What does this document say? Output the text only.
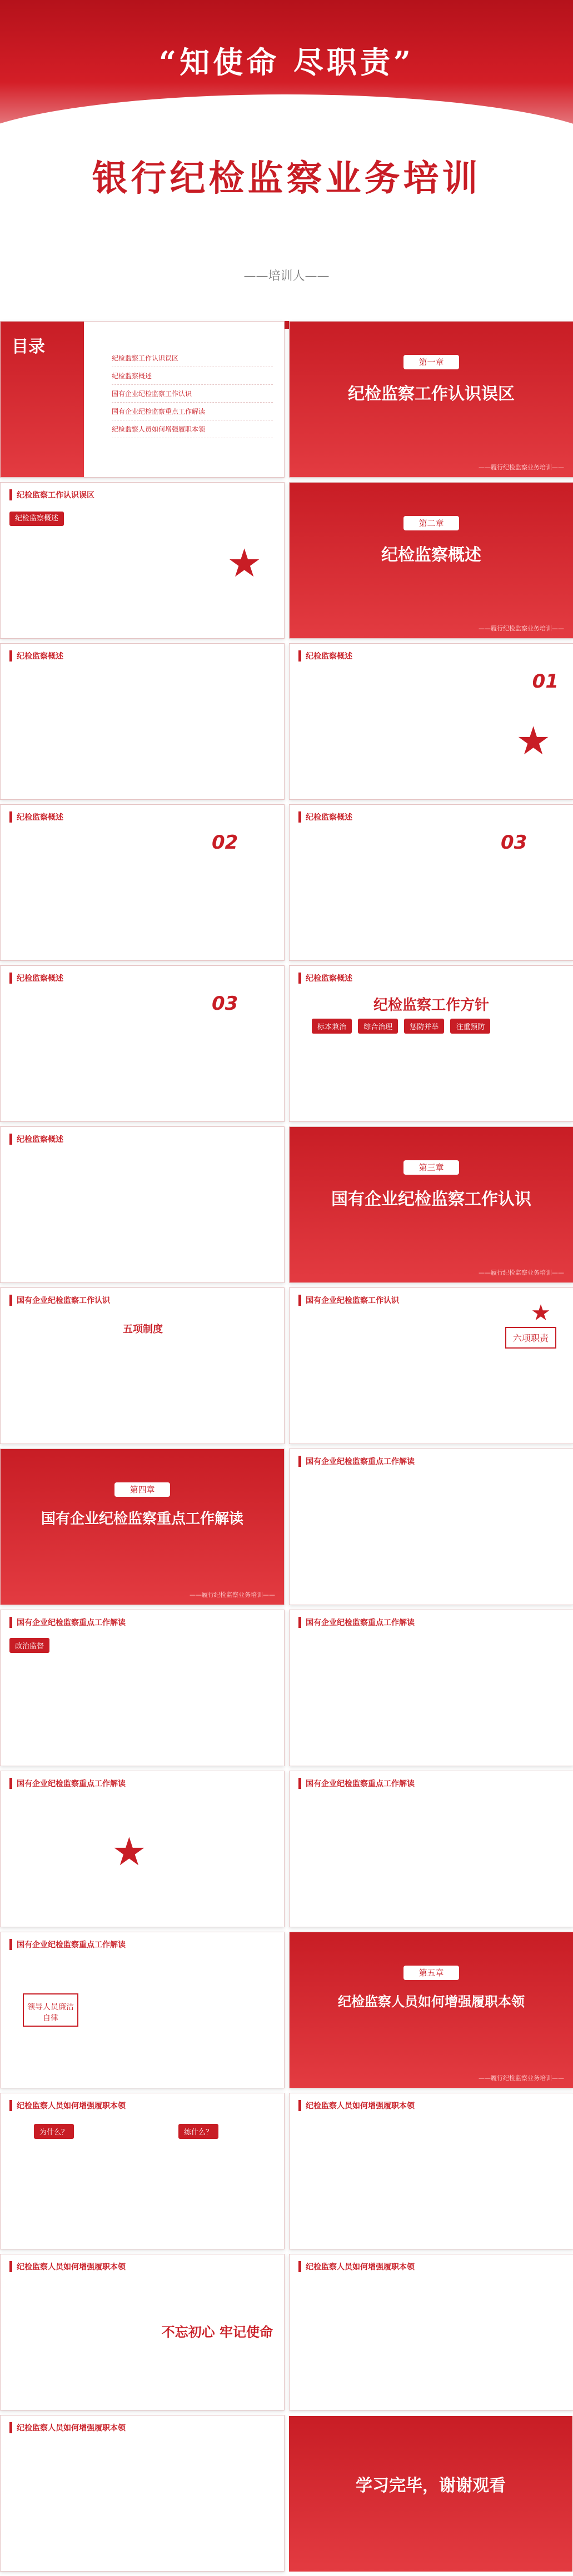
“知使命 尽职责”
银行纪检监察业务培训
——培训人——
目录
纪检监察工作认识误区
纪检监察概述
国有企业纪检监察工作认识
国有企业纪检监察重点工作解读
纪检监察人员如何增强履职本领
第一章
纪检监察工作认识误区
——履行纪检监察业务培训——
纪检监察工作认识误区
纪检监察概述
★
第二章
纪检监察概述
——履行纪检监察业务培训——
纪检监察概述	纪检监察概述
01
★
纪检监察概述
02
纪检监察概述
03
纪检监察概述
03
纪检监察概述
纪检监察工作方针
标本兼治 综合治理 惩防并举 注重预防
纪检监察概述
第三章
国有企业纪检监察工作认识
——履行纪检监察业务培训——
国有企业纪检监察工作认识
五项制度
国有企业纪检监察工作认识
六项职责
★
第四章
国有企业纪检监察重点工作解读
——履行纪检监察业务培训——
国有企业纪检监察重点工作解读
国有企业纪检监察重点工作解读
政治监督
国有企业纪检监察重点工作解读
国有企业纪检监察重点工作解读
★
国有企业纪检监察重点工作解读
国有企业纪检监察重点工作解读
领导人员廉洁自律
第五章
纪检监察人员如何增强履职本领
——履行纪检监察业务培训——
纪检监察人员如何增强履职本领
为什么？	练什么？
纪检监察人员如何增强履职本领
纪检监察人员如何增强履职本领
不忘初心 牢记使命
纪检监察人员如何增强履职本领
纪检监察人员如何增强履职本领
学习完毕，谢谢观看
